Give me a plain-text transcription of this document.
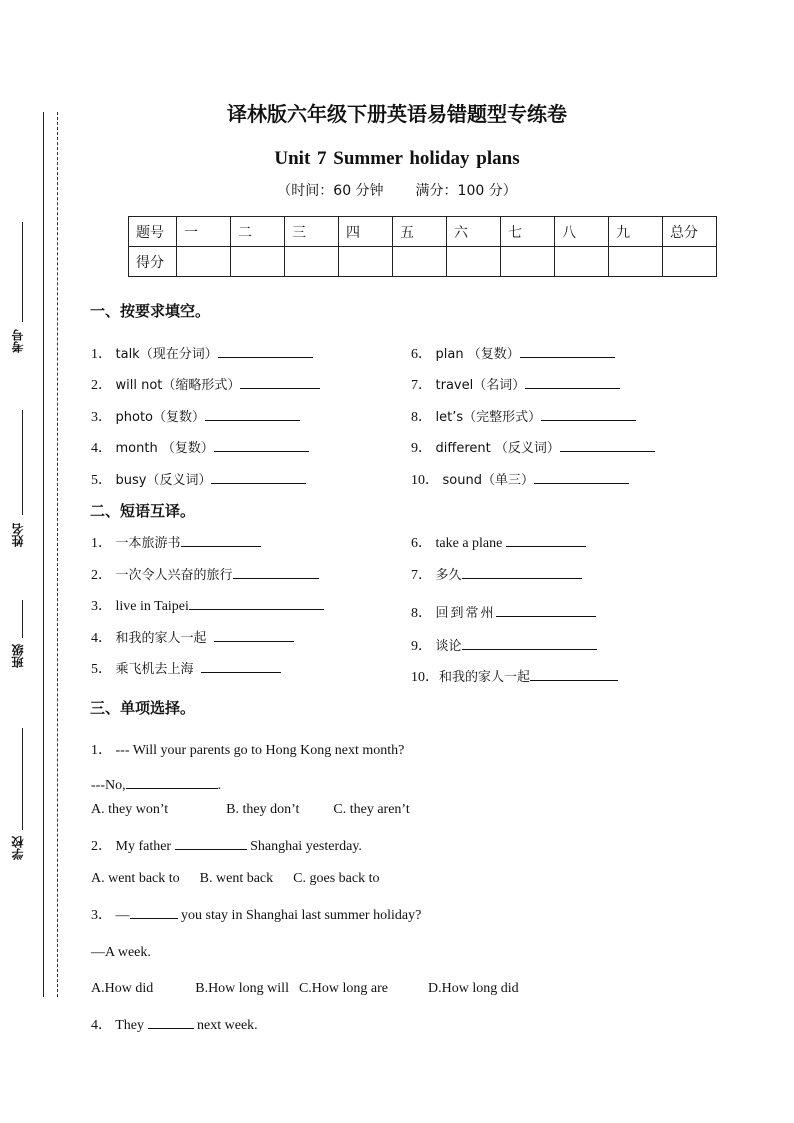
考号
姓名
班级
学校
译林版六年级下册英语易错题型专练卷
Unit 7 Summer holiday plans
（时间：60 分钟 满分：100 分）
题号	一	二	三	四	五	六	七	八	九	总分
得分										
一、按要求填空。
1． talk（现在分词）
2． will not（缩略形式）
3． photo（复数）
4． month （复数）
5． busy（反义词）
6． plan （复数）
7． travel（名词）
8． let’s（完整形式）
9． different （反义词）
10． sound（单三）
二、短语互译。
1． 一本旅游书
2． 一次令人兴奋的旅行
3． live in Taipei
4． 和我的家人一起
5． 乘飞机去上海
6． take a plane
7． 多久
8． 回到常州
9． 谈论
10．和我的家人一起
三、单项选择。
1． --- Will your parents go to Hong Kong next month?
---No,	.
A. they won’t	B. they don’t C. they aren’t
2． My father	Shanghai yesterday.
A. went back to B. went back C. goes back to
3． —	you stay in Shanghai last summer holiday?
—A week.
A.How did	B.How long will C.How long are	D.How long did
4． They	next week.
